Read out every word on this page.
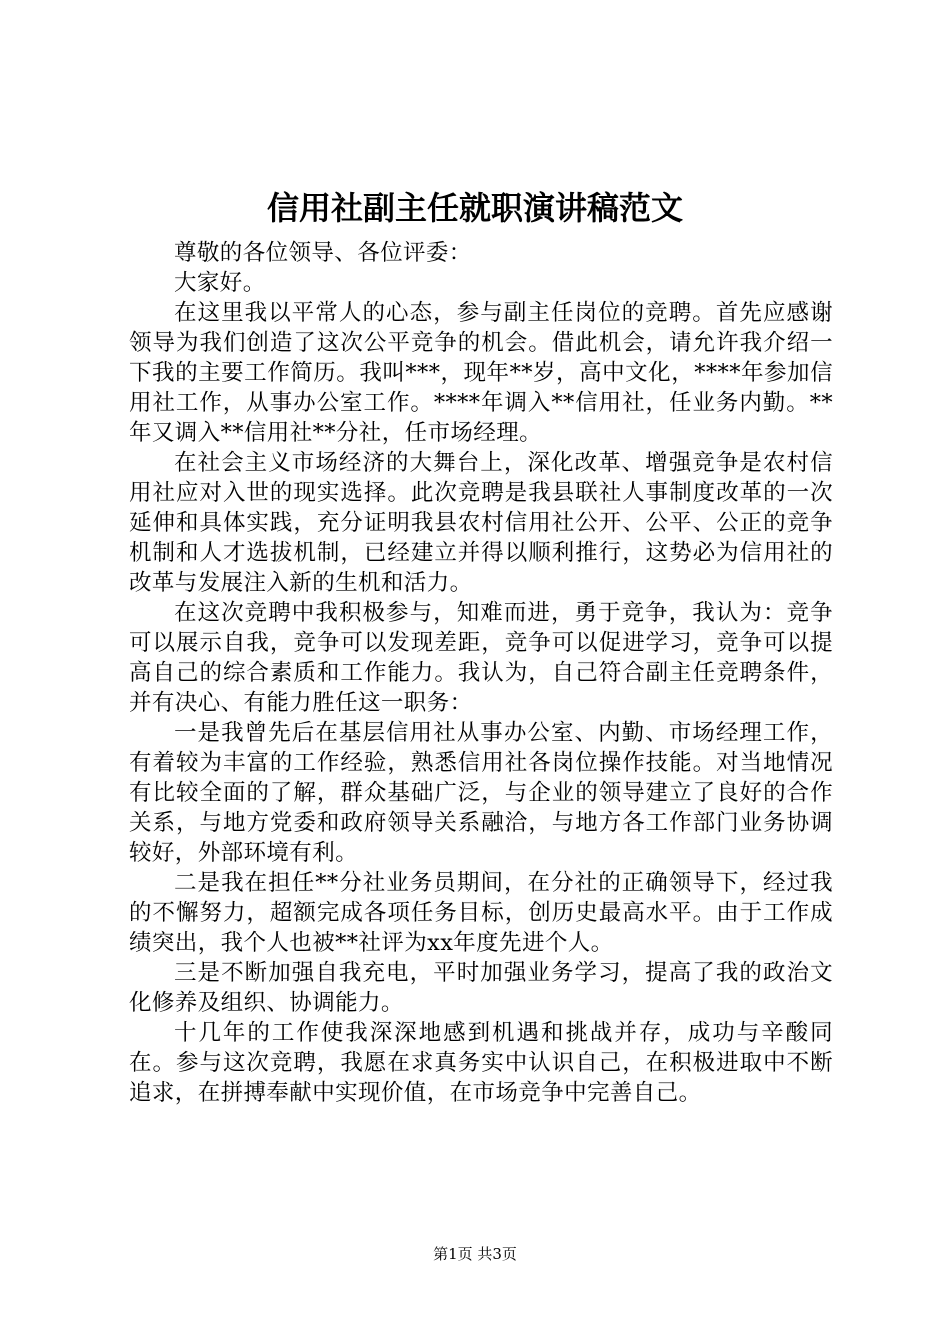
信用社副主任就职演讲稿范文

尊敬的各位领导、各位评委：

大家好。

在这里我以平常人的心态，参与副主任岗位的竞聘。首先应感谢领导为我们创造了这次公平竞争的机会。借此机会，请允许我介绍一下我的主要工作简历。我叫***，现年**岁，高中文化，****年参加信用社工作，从事办公室工作。****年调入**信用社，任业务内勤。**年又调入**信用社**分社，任市场经理。

在社会主义市场经济的大舞台上，深化改革、增强竞争是农村信用社应对入世的现实选择。此次竞聘是我县联社人事制度改革的一次延伸和具体实践，充分证明我县农村信用社公开、公平、公正的竞争机制和人才选拔机制，已经建立并得以顺利推行，这势必为信用社的改革与发展注入新的生机和活力。

在这次竞聘中我积极参与，知难而进，勇于竞争，我认为：竞争可以展示自我，竞争可以发现差距，竞争可以促进学习，竞争可以提高自己的综合素质和工作能力。我认为，自己符合副主任竞聘条件，并有决心、有能力胜任这一职务：

一是我曾先后在基层信用社从事办公室、内勤、市场经理工作，有着较为丰富的工作经验，熟悉信用社各岗位操作技能。对当地情况有比较全面的了解，群众基础广泛，与企业的领导建立了良好的合作关系，与地方党委和政府领导关系融洽，与地方各工作部门业务协调较好，外部环境有利。

二是我在担任**分社业务员期间，在分社的正确领导下，经过我的不懈努力，超额完成各项任务目标，创历史最高水平。由于工作成绩突出，我个人也被**社评为xx年度先进个人。

三是不断加强自我充电，平时加强业务学习，提高了我的政治文化修养及组织、协调能力。

十几年的工作使我深深地感到机遇和挑战并存，成功与辛酸同在。参与这次竞聘，我愿在求真务实中认识自己，在积极进取中不断追求，在拼搏奉献中实现价值，在市场竞争中完善自己。

第1页 共3页
